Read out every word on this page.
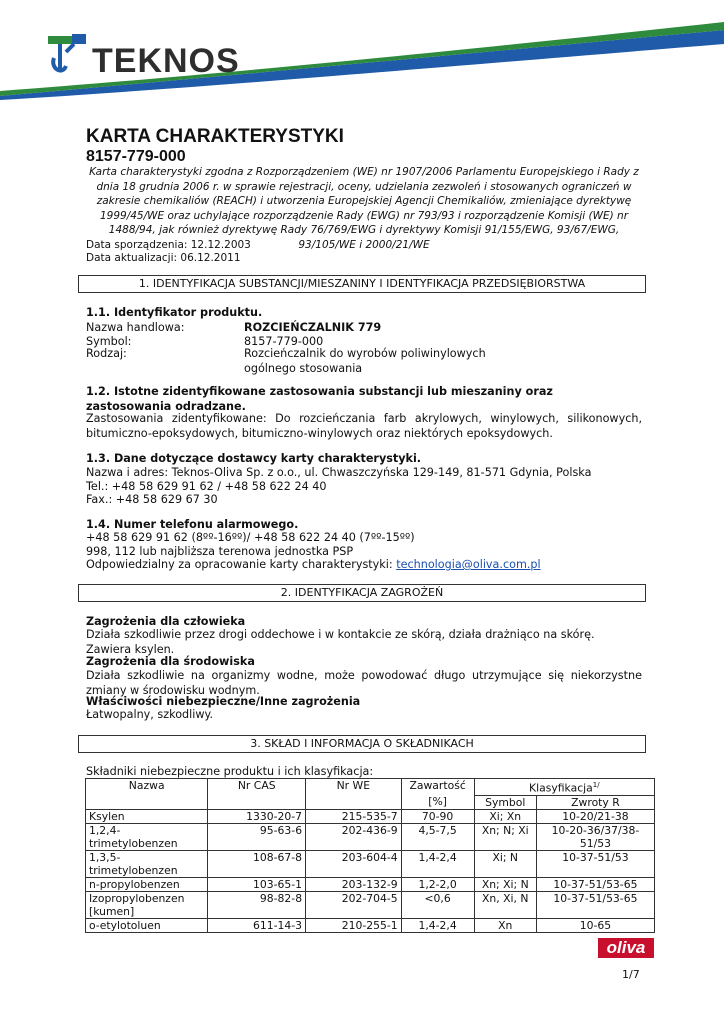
TEKNOS
KARTA CHARAKTERYSTYKI
8157-779-000
Karta charakterystyki zgodna z Rozporządzeniem (WE) nr 1907/2006 Parlamentu Europejskiego i Rady z dnia 18 grudnia 2006 r. w sprawie rejestracji, oceny, udzielania zezwoleń i stosowanych ograniczeń w zakresie chemikaliów (REACH) i utworzenia Europejskiej Agencji Chemikaliów, zmieniające dyrektywę 1999/45/WE oraz uchylające rozporządzenie Rady (EWG) nr 793/93 i rozporządzenie Komisji (WE) nr 1488/94, jak również dyrektywę Rady 76/769/EWG i dyrektywy Komisji 91/155/EWG, 93/67/EWG, 93/105/WE i 2000/21/WE
Data sporządzenia: 12.12.2003
Data aktualizacji: 06.12.2011
1. IDENTYFIKACJA SUBSTANCJI/MIESZANINY I IDENTYFIKACJA PRZEDSIĘBIORSTWA
1.1. Identyfikator produktu.
Nazwa handlowa:	ROZCIEŃCZALNIK 779
Symbol:	8157-779-000
Rodzaj:	Rozcieńczalnik do wyrobów poliwinylowych
ogólnego stosowania
1.2. Istotne zidentyfikowane zastosowania substancji lub mieszaniny oraz zastosowania odradzane.
Zastosowania zidentyfikowane: Do rozcieńczania farb akrylowych, winylowych, silikonowych, bitumiczno-epoksydowych, bitumiczno-winylowych oraz niektórych epoksydowych.
1.3. Dane dotyczące dostawcy karty charakterystyki.
Nazwa i adres: Teknos-Oliva Sp. z o.o., ul. Chwaszczyńska 129-149, 81-571 Gdynia, Polska
Tel.: +48 58 629 91 62 / +48 58 622 24 40
Fax.: +48 58 629 67 30
1.4. Numer telefonu alarmowego.
+48 58 629 91 62 (8ºº-16ºº)/ +48 58 622 24 40 (7ºº-15ºº)
998, 112 lub najbliższa terenowa jednostka PSP
Odpowiedzialny za opracowanie karty charakterystyki: technologia@oliva.com.pl
2. IDENTYFIKACJA ZAGROŻEŃ
Zagrożenia dla człowieka
Działa szkodliwie przez drogi oddechowe i w kontakcie ze skórą, działa drażniąco na skórę. Zawiera ksylen.
Zagrożenia dla środowiska
Działa szkodliwie na organizmy wodne, może powodować długo utrzymujące się niekorzystne zmiany w środowisku wodnym.
Właściwości niebezpieczne/Inne zagrożenia
Łatwopalny, szkodliwy.
3. SKŁAD I INFORMACJA O SKŁADNIKACH
Składniki niebezpieczne produktu i ich klasyfikacja:
Nazwa	Nr CAS	Nr WE	Zawartość	Klasyfikacja$^{1/}$
			[%]	Symbol	Zwroty R
Ksylen	1330-20-7	215-535-7	70-90	Xi; Xn	10-20/21-38
1,2,4-trimetylobenzen	95-63-6	202-436-9	4,5-7,5	Xn; N; Xi	10-20-36/37/38-51/53
1,3,5-trimetylobenzen	108-67-8	203-604-4	1,4-2,4	Xi; N	10-37-51/53
n-propylobenzen	103-65-1	203-132-9	1,2-2,0	Xn; Xi; N	10-37-51/53-65
Izopropylobenzen [kumen]	98-82-8	202-704-5	<0,6	Xn, Xi, N	10-37-51/53-65
o-etylotoluen	611-14-3	210-255-1	1,4-2,4	Xn	10-65
oliva
1/7
